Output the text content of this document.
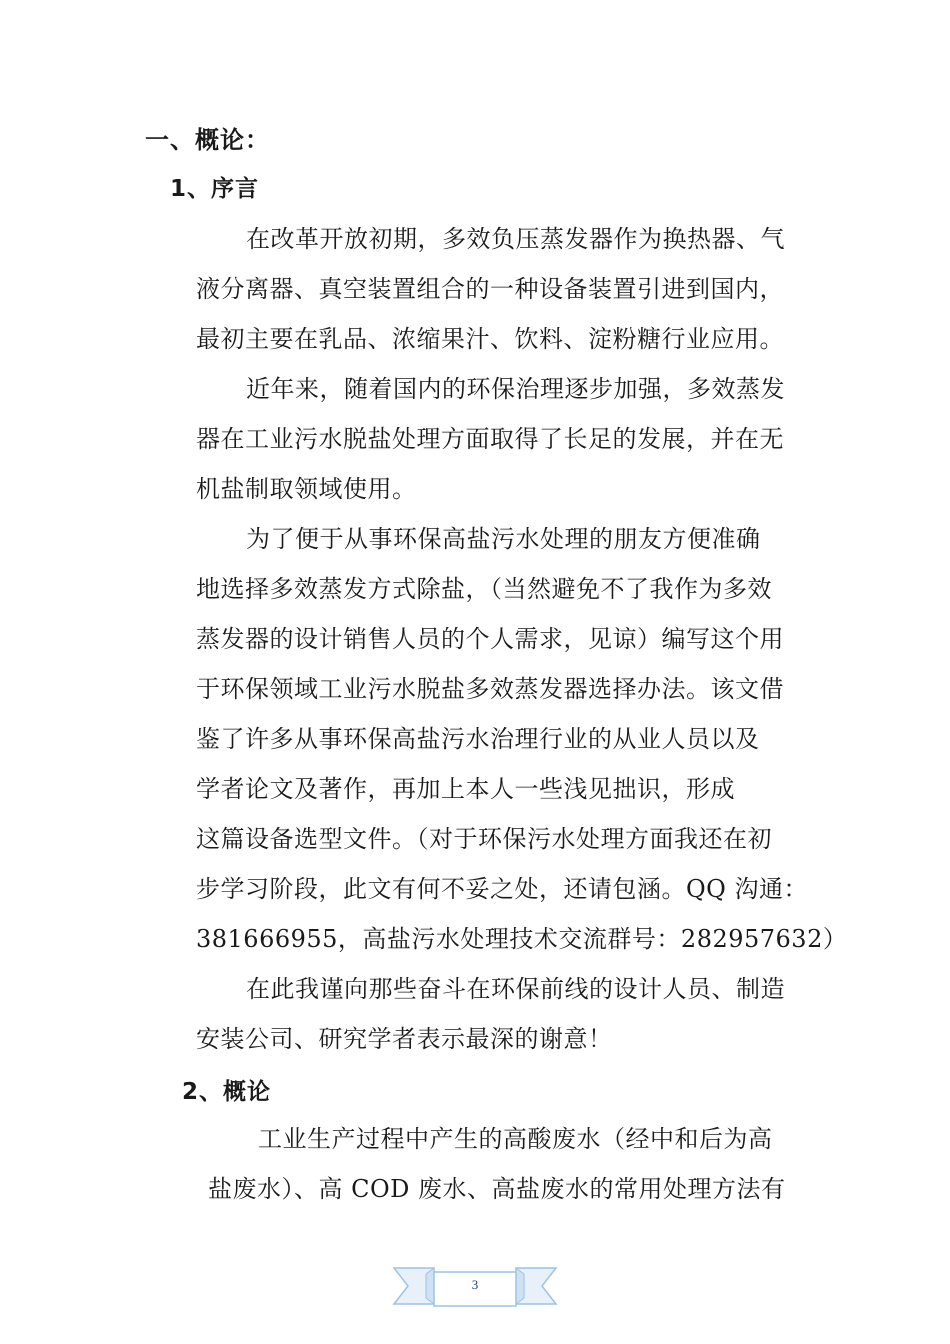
一、概论：
1、序言
在改革开放初期，多效负压蒸发器作为换热器、气
液分离器、真空装置组合的一种设备装置引进到国内，
最初主要在乳品、浓缩果汁、饮料、淀粉糖行业应用。
近年来，随着国内的环保治理逐步加强，多效蒸发
器在工业污水脱盐处理方面取得了长足的发展，并在无
机盐制取领域使用。
为了便于从事环保高盐污水处理的朋友方便准确
地选择多效蒸发方式除盐，（当然避免不了我作为多效
蒸发器的设计销售人员的个人需求，见谅）编写这个用
于环保领域工业污水脱盐多效蒸发器选择办法。该文借
鉴了许多从事环保高盐污水治理行业的从业人员以及
学者论文及著作，再加上本人一些浅见拙识，形成
这篇设备选型文件。（对于环保污水处理方面我还在初
步学习阶段，此文有何不妥之处，还请包涵。QQ 沟通：
381666955，高盐污水处理技术交流群号：282957632）
在此我谨向那些奋斗在环保前线的设计人员、制造
安装公司、研究学者表示最深的谢意！
2、概论
工业生产过程中产生的高酸废水（经中和后为高
盐废水）、高 COD 废水、高盐废水的常用处理方法有
3
